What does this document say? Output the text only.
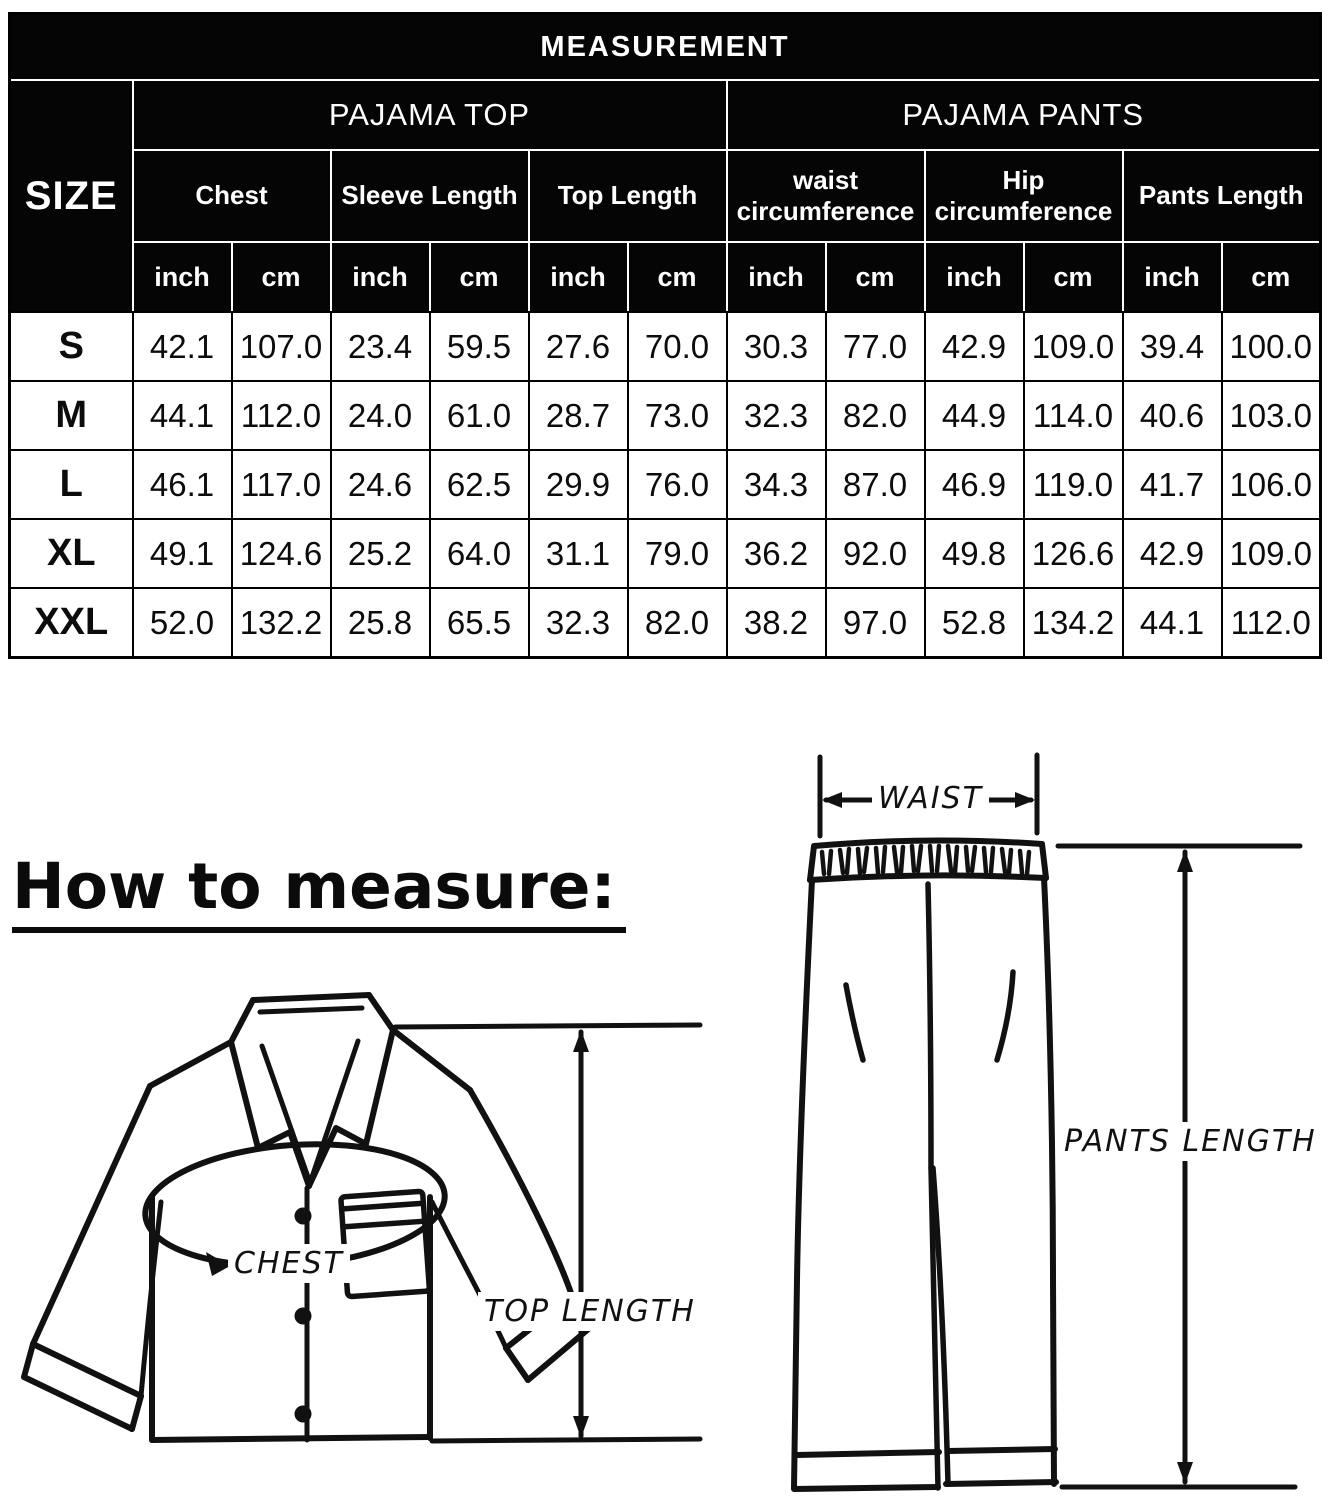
MEASUREMENT												
SIZE	PAJAMA TOP						PAJAMA PANTS					
	Chest		Sleeve Length		Top Length		waist circumference		Hip circumference		Pants Length	
	inch	cm	inch	cm	inch	cm	inch	cm	inch	cm	inch	cm
S	42.1	107.0	23.4	59.5	27.6	70.0	30.3	77.0	42.9	109.0	39.4	100.0
M	44.1	112.0	24.0	61.0	28.7	73.0	32.3	82.0	44.9	114.0	40.6	103.0
L	46.1	117.0	24.6	62.5	29.9	76.0	34.3	87.0	46.9	119.0	41.7	106.0
XL	49.1	124.6	25.2	64.0	31.1	79.0	36.2	92.0	49.8	126.6	42.9	109.0
XXL	52.0	132.2	25.8	65.5	32.3	82.0	38.2	97.0	52.8	134.2	44.1	112.0
How to measure:
WAIST
CHEST
TOP LENGTH
PANTS LENGTH
